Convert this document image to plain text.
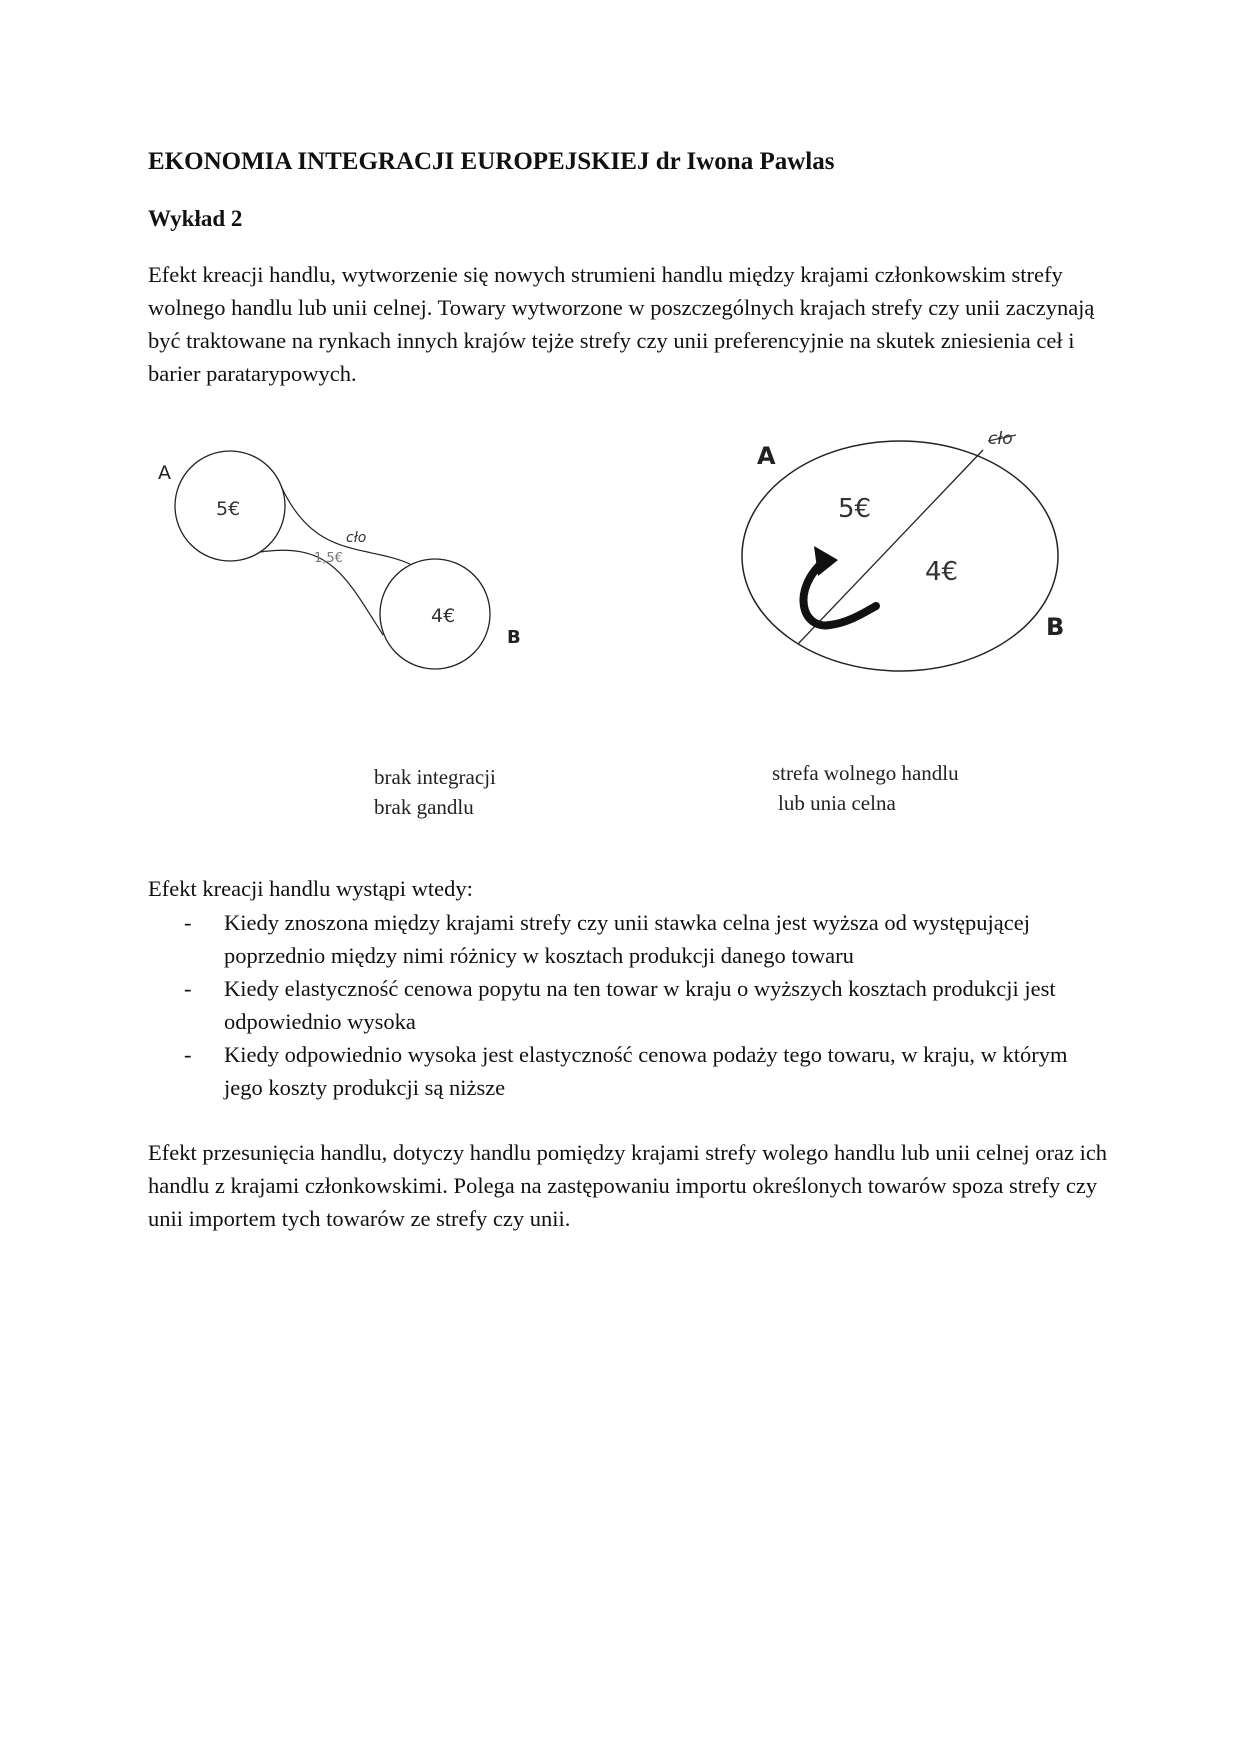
EKONOMIA INTEGRACJI EUROPEJSKIEJ dr Iwona Pawlas
Wykład 2

Efekt kreacji handlu, wytworzenie się nowych strumieni handlu między krajami członkowskim strefy wolnego handlu lub unii celnej. Towary wytworzone w poszczególnych krajach strefy czy unii zaczynają być traktowane na rynkach innych krajów tejże strefy czy unii preferencyjnie na skutek zniesienia ceł i barier paratarypowych.

A
5€
cło
1,5€
4€
B
A
5€
cło
4€
B
brak integracji
brak gandlu
strefa wolnego handlu
lub unia celna

Efekt kreacji handlu wystąpi wtedy:

- Kiedy znoszona między krajami strefy czy unii stawka celna jest wyższa od występującej poprzednio między nimi różnicy w kosztach produkcji danego towaru
- Kiedy elastyczność cenowa popytu na ten towar w kraju o wyższych kosztach produkcji jest odpowiednio wysoka
- Kiedy odpowiednio wysoka jest elastyczność cenowa podaży tego towaru, w kraju, w którym jego koszty produkcji są niższe

Efekt przesunięcia handlu, dotyczy handlu pomiędzy krajami strefy wolego handlu lub unii celnej oraz ich handlu z krajami członkowskimi. Polega na zastępowaniu importu określonych towarów spoza strefy czy unii importem tych towarów ze strefy czy unii.
